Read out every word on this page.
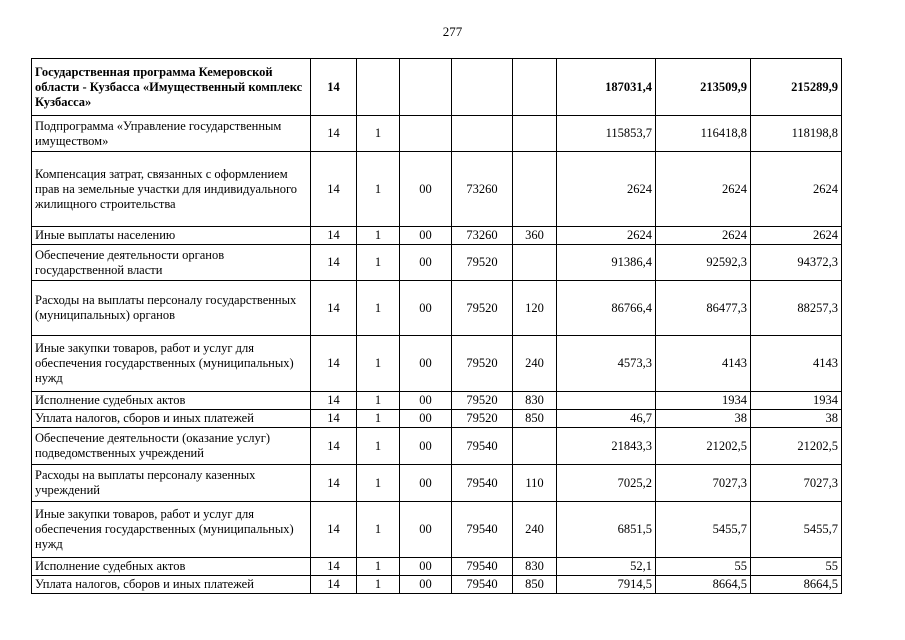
277
Государственная программа Кемеровской области - Кузбасса «Имущественный комплекс Кузбасса»	14					187031,4	213509,9	215289,9
Подпрограмма «Управление государственным имуществом»	14	1				115853,7	116418,8	118198,8
Компенсация затрат, связанных с оформлением прав на земельные участки для индивидуального жилищного строительства	14	1	00	73260		2624	2624	2624
Иные выплаты населению	14	1	00	73260	360	2624	2624	2624
Обеспечение деятельности органов государственной власти	14	1	00	79520		91386,4	92592,3	94372,3
Расходы на выплаты персоналу государственных (муниципальных) органов	14	1	00	79520	120	86766,4	86477,3	88257,3
Иные закупки товаров, работ и услуг для обеспечения государственных (муниципальных) нужд	14	1	00	79520	240	4573,3	4143	4143
Исполнение судебных актов	14	1	00	79520	830		1934	1934
Уплата налогов, сборов и иных платежей	14	1	00	79520	850	46,7	38	38
Обеспечение деятельности (оказание услуг) подведомственных учреждений	14	1	00	79540		21843,3	21202,5	21202,5
Расходы на выплаты персоналу казенных учреждений	14	1	00	79540	110	7025,2	7027,3	7027,3
Иные закупки товаров, работ и услуг для обеспечения государственных (муниципальных) нужд	14	1	00	79540	240	6851,5	5455,7	5455,7
Исполнение судебных актов	14	1	00	79540	830	52,1	55	55
Уплата налогов, сборов и иных платежей	14	1	00	79540	850	7914,5	8664,5	8664,5
